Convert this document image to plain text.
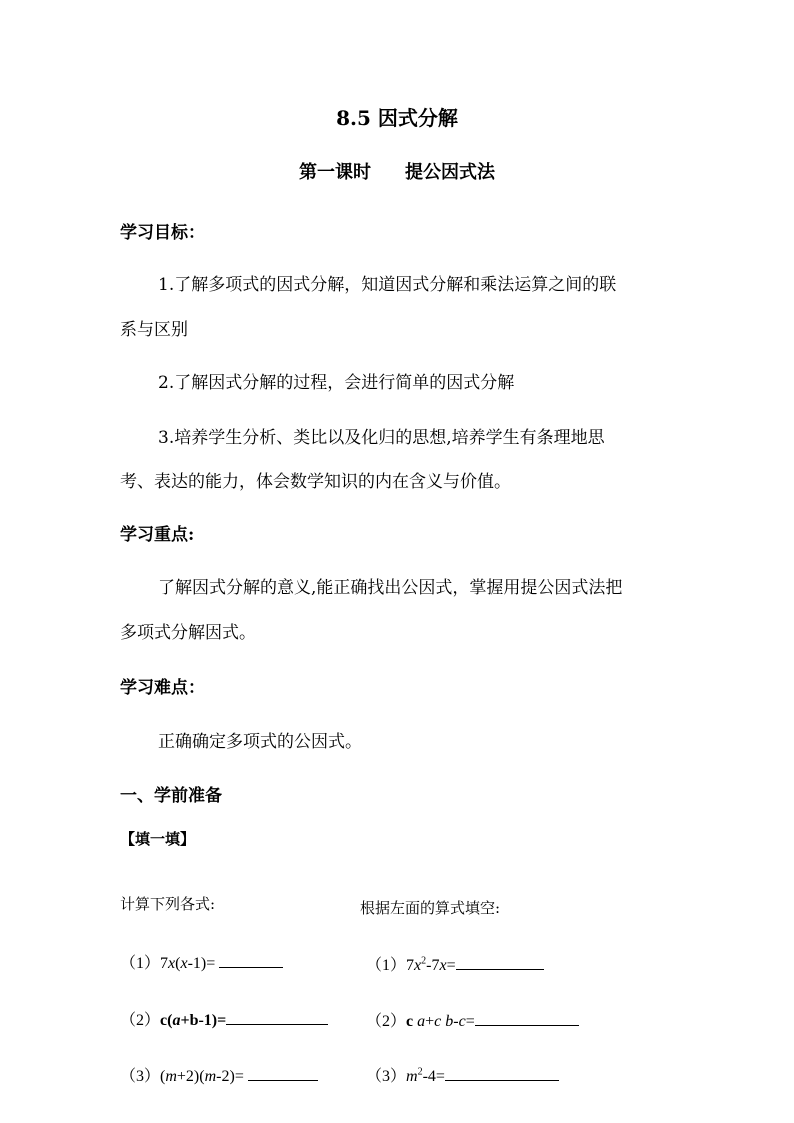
8.5 因式分解
第一课时 提公因式法
学习目标：
1.了解多项式的因式分解，知道因式分解和乘法运算之间的联
系与区别
2.了解因式分解的过程，会进行简单的因式分解
3.培养学生分析、类比以及化归的思想,培养学生有条理地思
考、表达的能力，体会数学知识的内在含义与价值。
学习重点:
了解因式分解的意义,能正确找出公因式，掌握用提公因式法把
多项式分解因式。
学习难点：
正确确定多项式的公因式。
一、学前准备
【填一填】
计算下列各式:	根据左面的算式填空:
（1）7x(x-1)=
（2）c(a+b-1)=
（3）(m+2)(m-2)=
$(1)7x^2-7x=$
（2）c a+c b-c=
$(3)m^2-4=$
